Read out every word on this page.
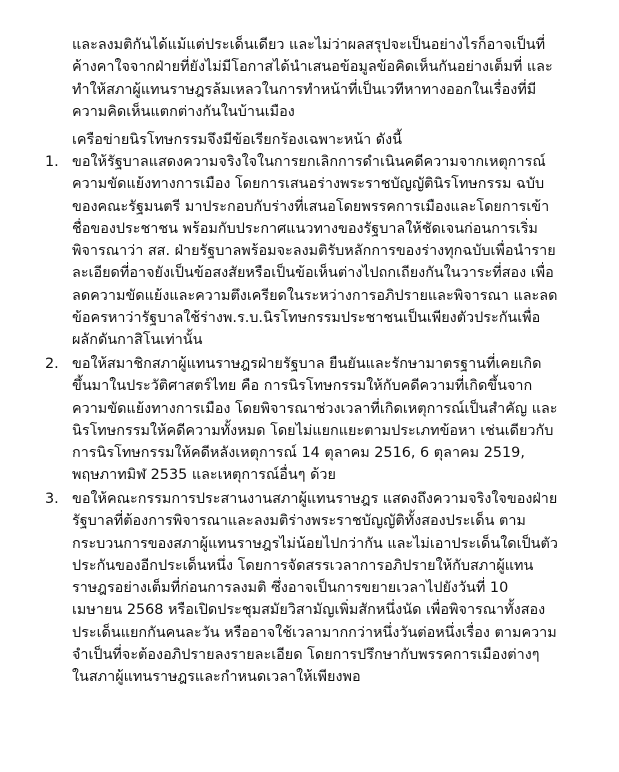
และลงมติกันได้แม้แต่ประเด็นเดียว และไม่ว่าผลสรุปจะเป็นอย่างไรก็อาจเป็นที่
ค้างคาใจจากฝ่ายที่ยังไม่มีโอกาสได้นำเสนอข้อมูลข้อคิดเห็นกันอย่างเต็มที่ และ
ทำให้สภาผู้แทนราษฎรล้มเหลวในการทำหน้าที่เป็นเวทีหาทางออกในเรื่องที่มี
ความคิดเห็นแตกต่างกันในบ้านเมือง

เครือข่ายนิรโทษกรรมจึงมีข้อเรียกร้องเฉพาะหน้า ดังนี้

1. ขอให้รัฐบาลแสดงความจริงใจในการยกเลิกการดำเนินคดีความจากเหตุการณ์
ความขัดแย้งทางการเมือง โดยการเสนอร่างพระราชบัญญัตินิรโทษกรรม ฉบับ
ของคณะรัฐมนตรี มาประกอบกับร่างที่เสนอโดยพรรคการเมืองและโดยการเข้า
ชื่อของประชาชน พร้อมกับประกาศแนวทางของรัฐบาลให้ชัดเจนก่อนการเริ่ม
พิจารณาว่า สส. ฝ่ายรัฐบาลพร้อมจะลงมติรับหลักการของร่างทุกฉบับเพื่อนำราย
ละเอียดที่อาจยังเป็นข้อสงสัยหรือเป็นข้อเห็นต่างไปถกเถียงกันในวาระที่สอง เพื่อ
ลดความขัดแย้งและความตึงเครียดในระหว่างการอภิปรายและพิจารณา และลด
ข้อครหาว่ารัฐบาลใช้ร่างพ.ร.บ.นิรโทษกรรมประชาชนเป็นเพียงตัวประกันเพื่อ
ผลักดันกาสิโนเท่านั้น
2. ขอให้สมาชิกสภาผู้แทนราษฎรฝ่ายรัฐบาล ยืนยันและรักษามาตรฐานที่เคยเกิด
ขึ้นมาในประวัติศาสตร์ไทย คือ การนิรโทษกรรมให้กับคดีความที่เกิดขึ้นจาก
ความขัดแย้งทางการเมือง โดยพิจารณาช่วงเวลาที่เกิดเหตุการณ์เป็นสำคัญ และ
นิรโทษกรรมให้คดีความทั้งหมด โดยไม่แยกแยะตามประเภทข้อหา เช่นเดียวกับ
การนิรโทษกรรมให้คดีหลังเหตุการณ์ 14 ตุลาคม 2516, 6 ตุลาคม 2519,
พฤษภาทมิฬ 2535 และเหตุการณ์อื่นๆ ด้วย
3. ขอให้คณะกรรมการประสานงานสภาผู้แทนราษฎร แสดงถึงความจริงใจของฝ่าย
รัฐบาลที่ต้องการพิจารณาและลงมติร่างพระราชบัญญัติทั้งสองประเด็น ตาม
กระบวนการของสภาผู้แทนราษฎรไม่น้อยไปกว่ากัน และไม่เอาประเด็นใดเป็นตัว
ประกันของอีกประเด็นหนึ่ง โดยการจัดสรรเวลาการอภิปรายให้กับสภาผู้แทน
ราษฎรอย่างเต็มที่ก่อนการลงมติ ซึ่งอาจเป็นการขยายเวลาไปยังวันที่ 10
เมษายน 2568 หรือเปิดประชุมสมัยวิสามัญเพิ่มสักหนึ่งนัด เพื่อพิจารณาทั้งสอง
ประเด็นแยกกันคนละวัน หรืออาจใช้เวลามากกว่าหนึ่งวันต่อหนึ่งเรื่อง ตามความ
จำเป็นที่จะต้องอภิปรายลงรายละเอียด โดยการปรึกษากับพรรคการเมืองต่างๆ
ในสภาผู้แทนราษฎรและกำหนดเวลาให้เพียงพอ
